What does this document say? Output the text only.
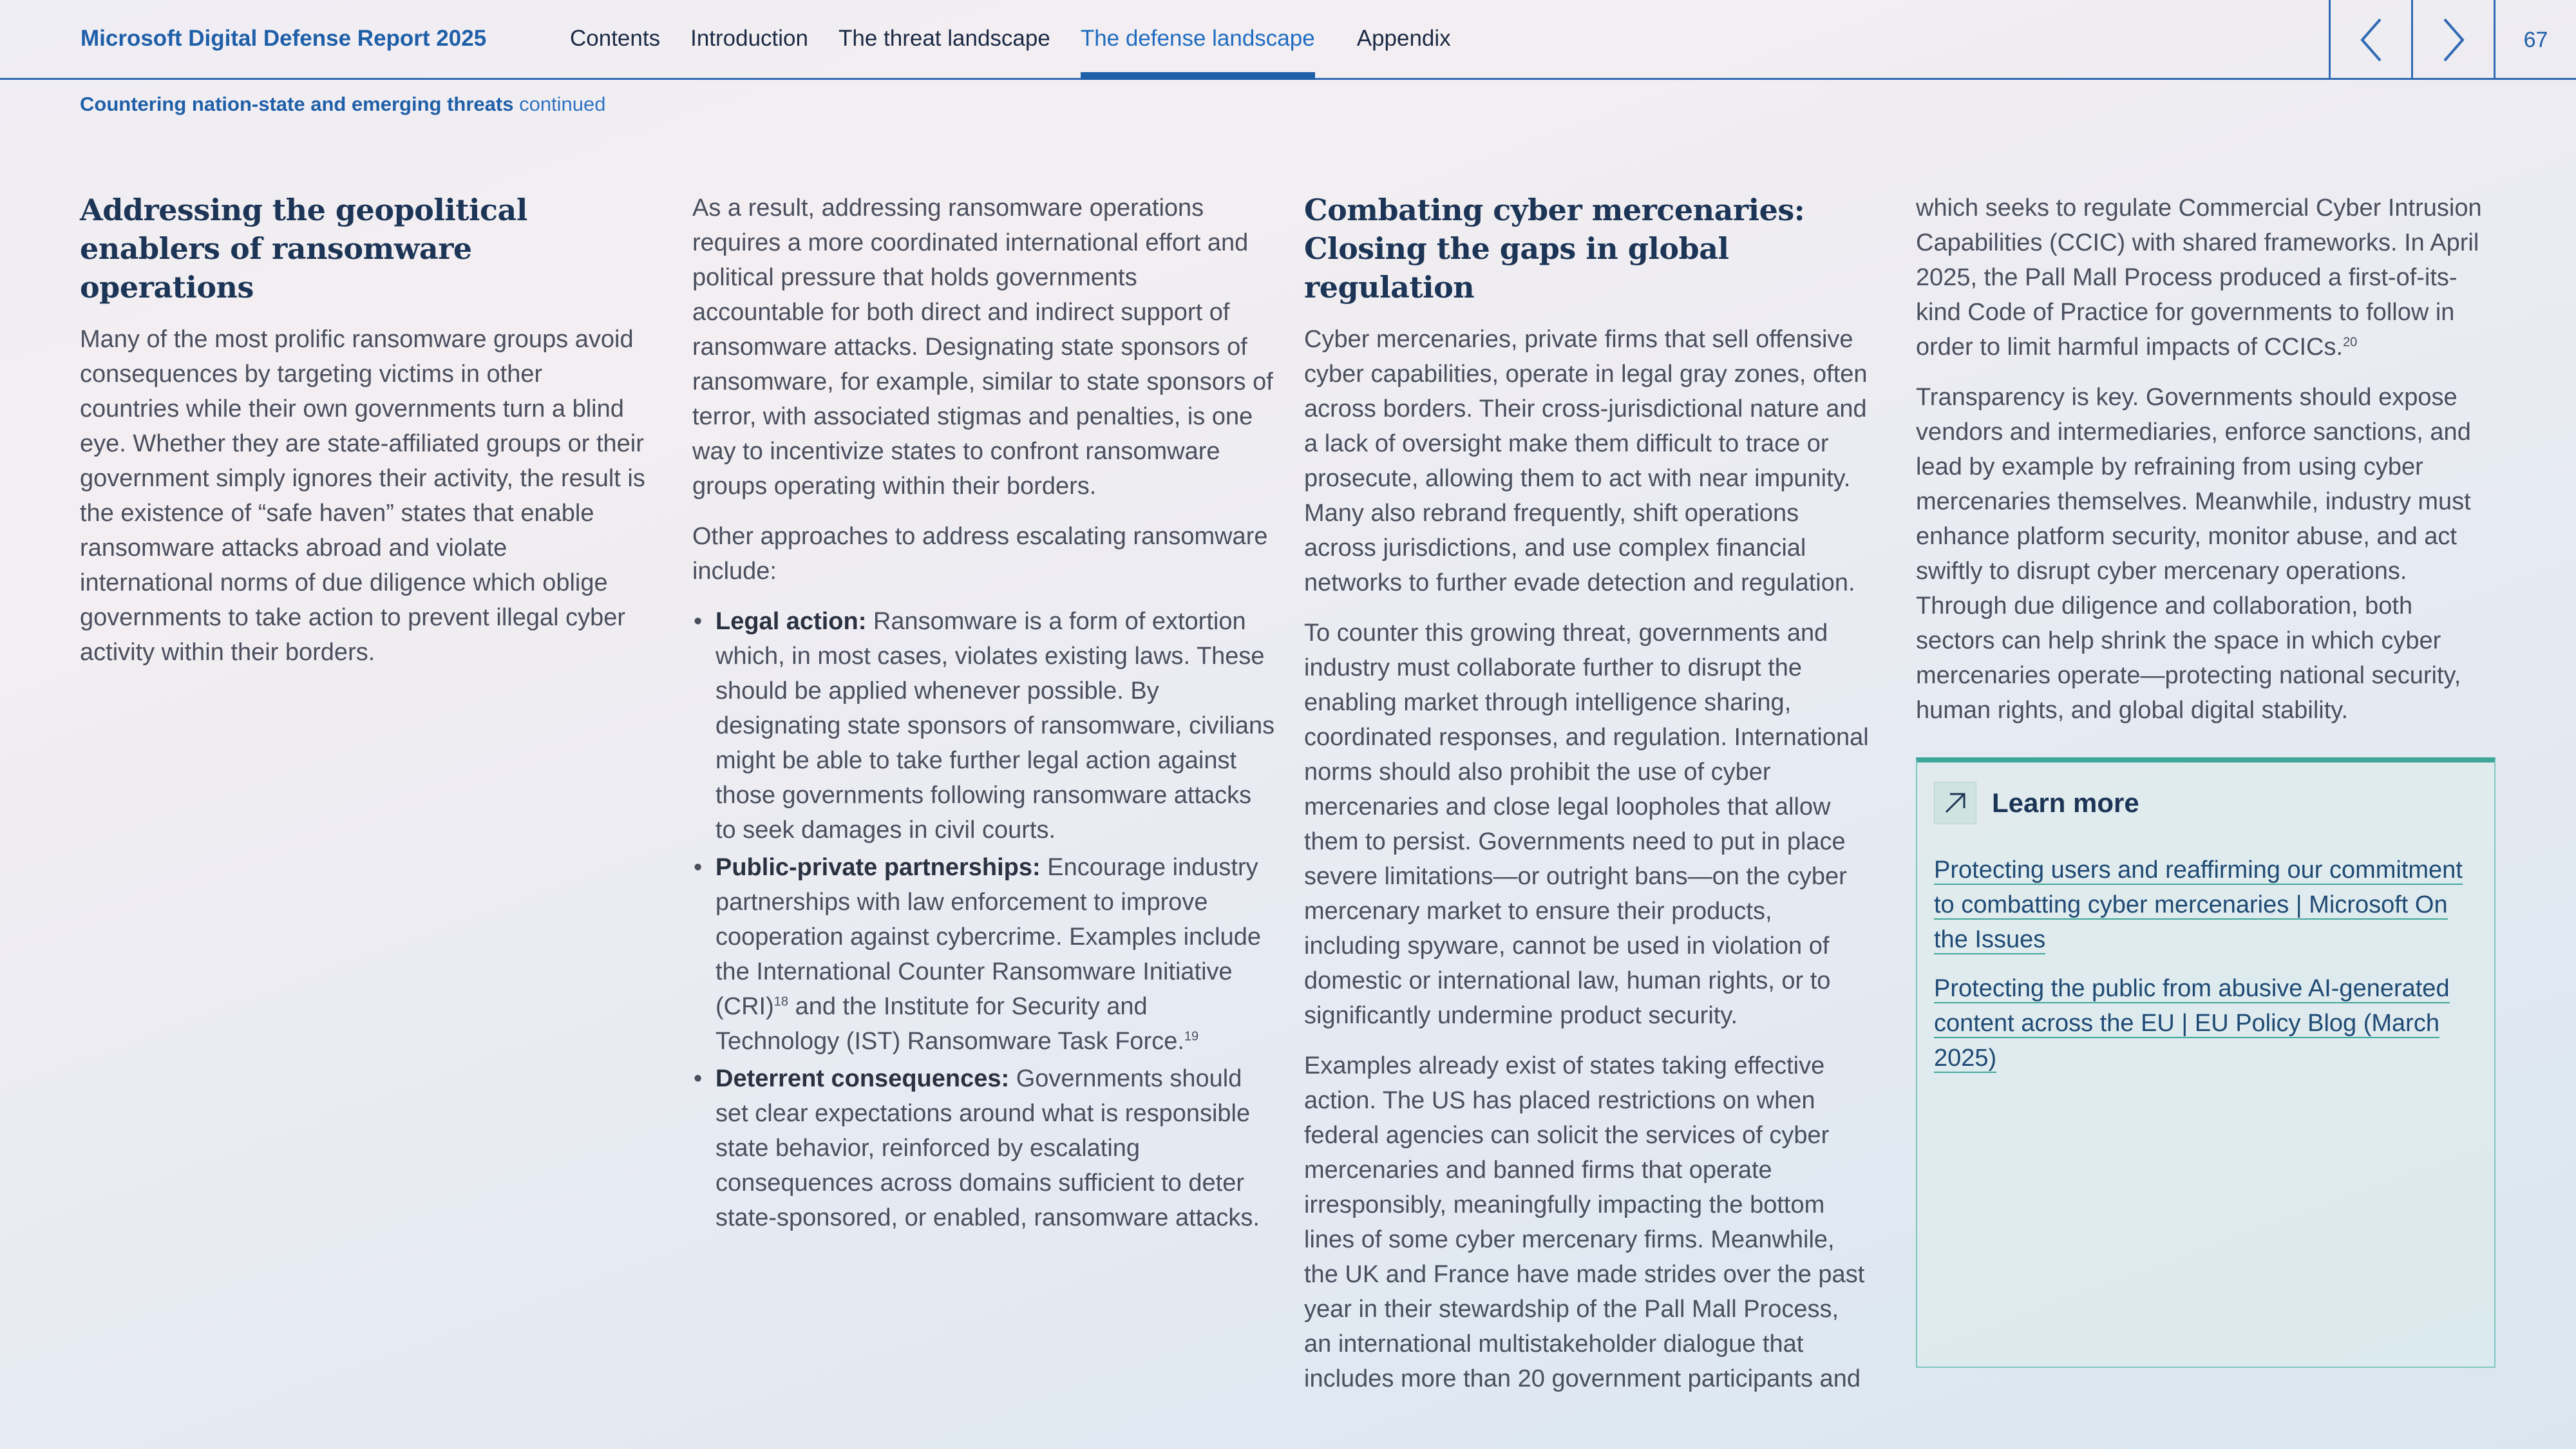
Microsoft Digital Defense Report 2025	Contents Introduction The threat landscape The defense landscape Appendix	67
Countering nation-state and emerging threats continued
Addressing the geopolitical enablers of ransomware operations

Many of the most prolific ransomware groups avoid consequences by targeting victims in other countries while their own governments turn a blind eye. Whether they are state-affiliated groups or their government simply ignores their activity, the result is the existence of “safe haven” states that enable ransomware attacks abroad and violate international norms of due diligence which oblige governments to take action to prevent illegal cyber activity within their borders.

As a result, addressing ransomware operations requires a more coordinated international effort and political pressure that holds governments accountable for both direct and indirect support of ransomware attacks. Designating state sponsors of ransomware, for example, similar to state sponsors of terror, with associated stigmas and penalties, is one way to incentivize states to confront ransomware groups operating within their borders.

Other approaches to address escalating ransomware include:

• Legal action: Ransomware is a form of extortion which, in most cases, violates existing laws. These should be applied whenever possible. By designating state sponsors of ransomware, civilians might be able to take further legal action against those governments following ransomware attacks to seek damages in civil courts.
• Public-private partnerships: Encourage industry partnerships with law enforcement to improve cooperation against cybercrime. Examples include the International Counter Ransomware Initiative (CRI)$^{18}$ and the Institute for Security and Technology (IST) Ransomware Task Force.$^{19}$
• Deterrent consequences: Governments should set clear expectations around what is responsible state behavior, reinforced by escalating consequences across domains sufficient to deter state-sponsored, or enabled, ransomware attacks.
Combating cyber mercenaries: Closing the gaps in global regulation

Cyber mercenaries, private firms that sell offensive cyber capabilities, operate in legal gray zones, often across borders. Their cross-jurisdictional nature and a lack of oversight make them difficult to trace or prosecute, allowing them to act with near impunity. Many also rebrand frequently, shift operations across jurisdictions, and use complex financial networks to further evade detection and regulation.

To counter this growing threat, governments and industry must collaborate further to disrupt the enabling market through intelligence sharing, coordinated responses, and regulation. International norms should also prohibit the use of cyber mercenaries and close legal loopholes that allow them to persist. Governments need to put in place severe limitations—or outright bans—on the cyber mercenary market to ensure their products, including spyware, cannot be used in violation of domestic or international law, human rights, or to significantly undermine product security.

Examples already exist of states taking effective action. The US has placed restrictions on when federal agencies can solicit the services of cyber mercenaries and banned firms that operate irresponsibly, meaningfully impacting the bottom lines of some cyber mercenary firms. Meanwhile, the UK and France have made strides over the past year in their stewardship of the Pall Mall Process, an international multistakeholder dialogue that includes more than 20 government participants and

which seeks to regulate Commercial Cyber Intrusion Capabilities (CCIC) with shared frameworks. In April 2025, the Pall Mall Process produced a first-of-its-kind Code of Practice for governments to follow in order to limit harmful impacts of CCICs.$^{20}$

Transparency is key. Governments should expose vendors and intermediaries, enforce sanctions, and lead by example by refraining from using cyber mercenaries themselves. Meanwhile, industry must enhance platform security, monitor abuse, and act swiftly to disrupt cyber mercenary operations. Through due diligence and collaboration, both sectors can help shrink the space in which cyber mercenaries operate—protecting national security, human rights, and global digital stability.

Learn more
Protecting users and reaffirming our commitment to combatting cyber mercenaries | Microsoft On the Issues
Protecting the public from abusive AI-generated content across the EU | EU Policy Blog (March 2025)
